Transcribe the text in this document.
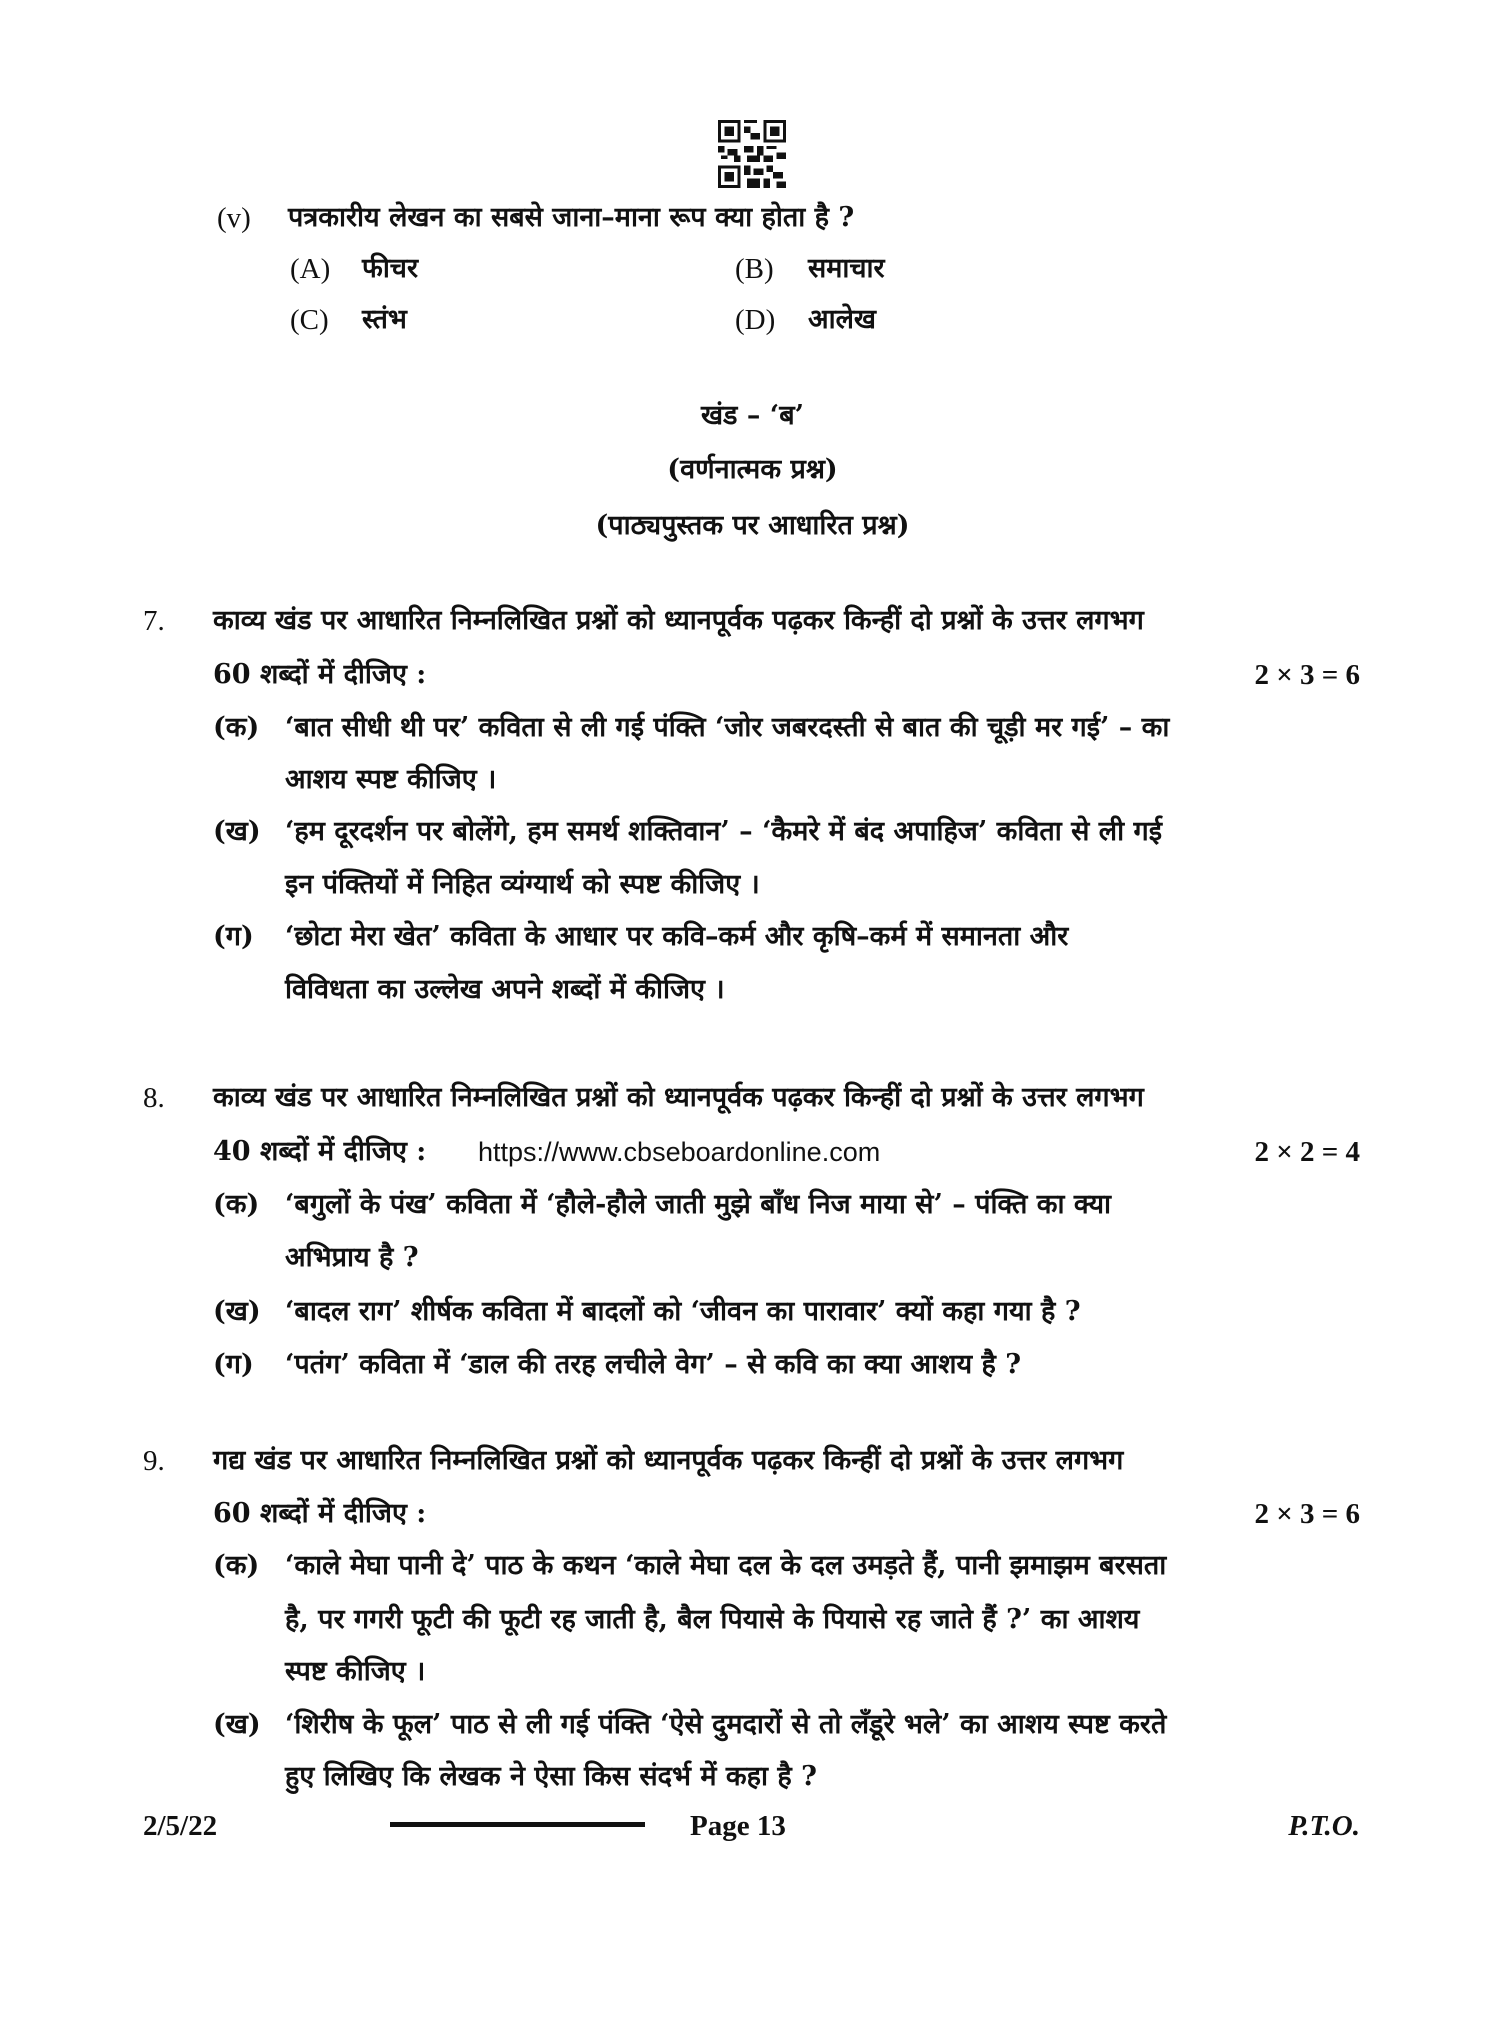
(v) पत्रकारीय लेखन का सबसे जाना–माना रूप क्या होता है ?
(A) फीचर	(B) समाचार
(C) स्तंभ	(D) आलेख
खंड – ‘ब’
(वर्णनात्मक प्रश्न)
(पाठ्यपुस्तक पर आधारित प्रश्न)
7. काव्य खंड पर आधारित निम्नलिखित प्रश्नों को ध्यानपूर्वक पढ़कर किन्हीं दो प्रश्नों के उत्तर लगभग
60 शब्दों में दीजिए :	2 × 3 = 6
(क) ‘बात सीधी थी पर’ कविता से ली गई पंक्ति ‘जोर जबरदस्ती से बात की चूड़ी मर गई’ – का
आशय स्पष्ट कीजिए ।
(ख) ‘हम दूरदर्शन पर बोलेंगे, हम समर्थ शक्तिवान’ – ‘कैमरे में बंद अपाहिज’ कविता से ली गई
इन पंक्तियों में निहित व्यंग्यार्थ को स्पष्ट कीजिए ।
(ग) ‘छोटा मेरा खेत’ कविता के आधार पर कवि–कर्म और कृषि–कर्म में समानता और
विविधता का उल्लेख अपने शब्दों में कीजिए ।
8. काव्य खंड पर आधारित निम्नलिखित प्रश्नों को ध्यानपूर्वक पढ़कर किन्हीं दो प्रश्नों के उत्तर लगभग
40 शब्दों में दीजिए : https://www.cbseboardonline.com	2 × 2 = 4
(क) ‘बगुलों के पंख’ कविता में ‘हौले-हौले जाती मुझे बाँध निज माया से’ – पंक्ति का क्या
अभिप्राय है ?
(ख) ‘बादल राग’ शीर्षक कविता में बादलों को ‘जीवन का पारावार’ क्यों कहा गया है ?
(ग) ‘पतंग’ कविता में ‘डाल की तरह लचीले वेग’ – से कवि का क्या आशय है ?
9. गद्य खंड पर आधारित निम्नलिखित प्रश्नों को ध्यानपूर्वक पढ़कर किन्हीं दो प्रश्नों के उत्तर लगभग
60 शब्दों में दीजिए :	2 × 3 = 6
(क) ‘काले मेघा पानी दे’ पाठ के कथन ‘काले मेघा दल के दल उमड़ते हैं, पानी झमाझम बरसता
है, पर गगरी फूटी की फूटी रह जाती है, बैल पियासे के पियासे रह जाते हैं ?’ का आशय
स्पष्ट कीजिए ।
(ख) ‘शिरीष के फूल’ पाठ से ली गई पंक्ति ‘ऐसे दुमदारों से तो लँडूरे भले’ का आशय स्पष्ट करते
हुए लिखिए कि लेखक ने ऐसा किस संदर्भ में कहा है ?
2/5/22	Page 13	P.T.O.
